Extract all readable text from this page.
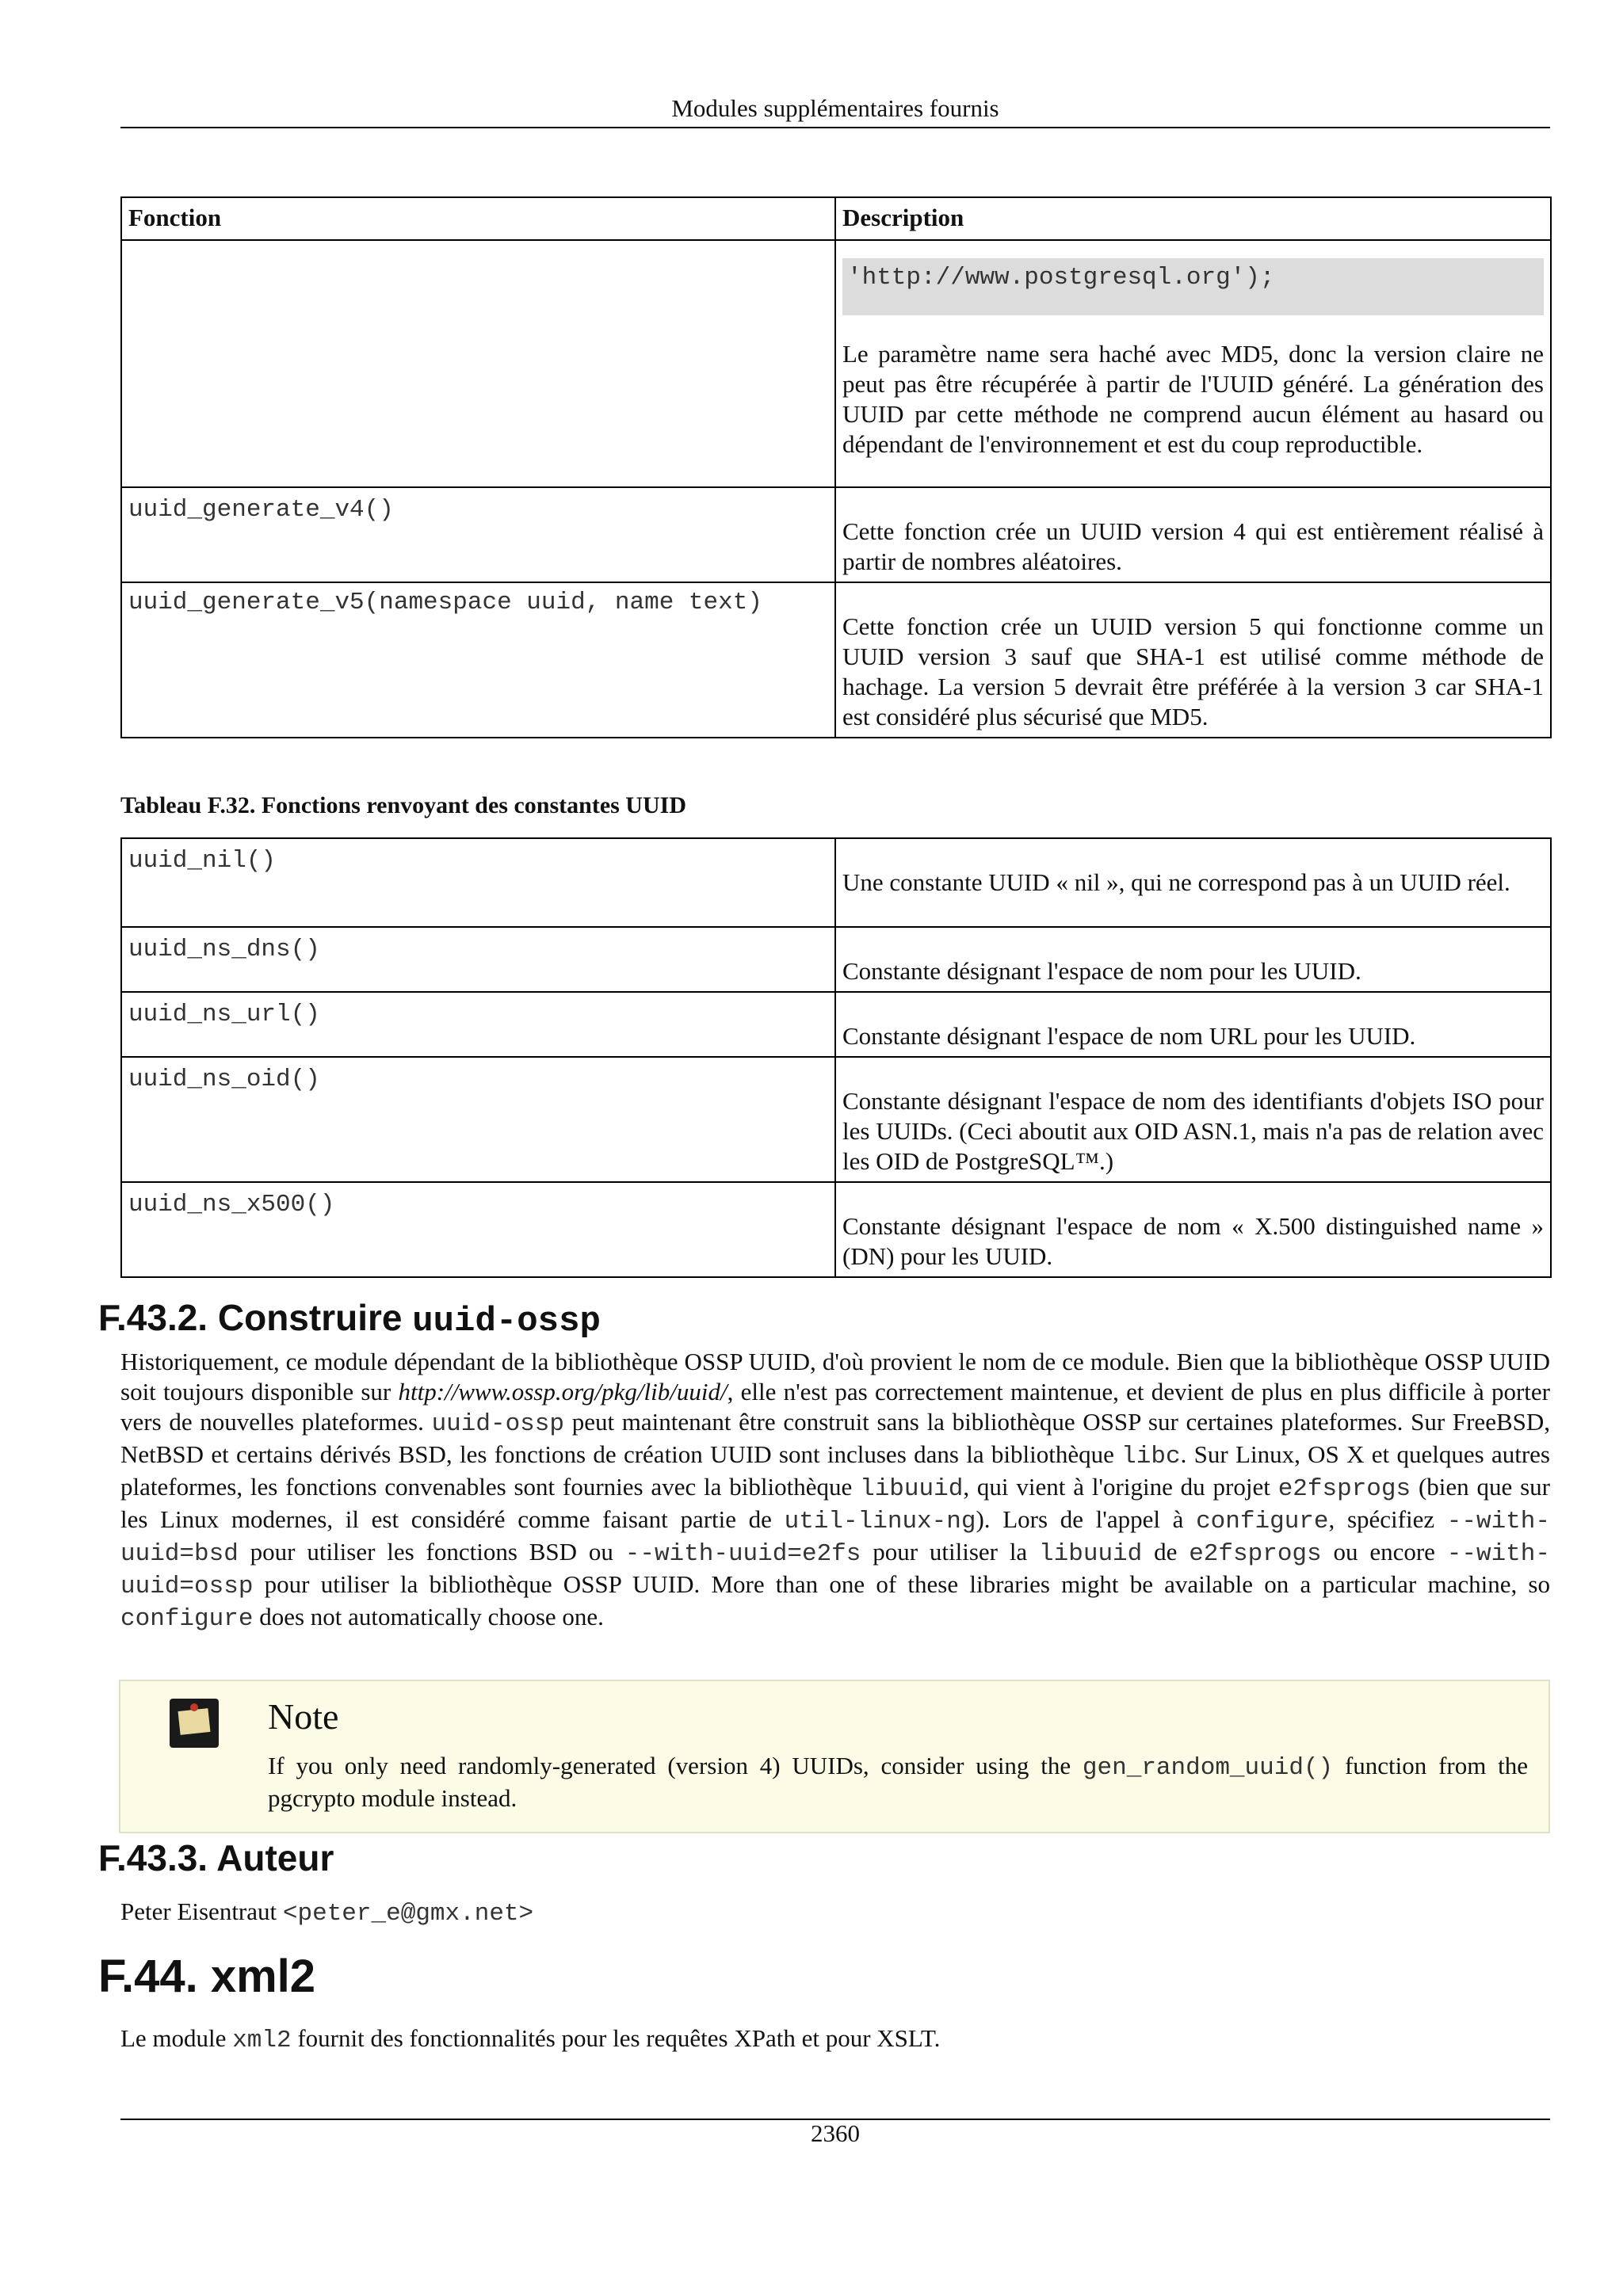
Modules supplémentaires fournis
Fonction	Description

	'http://www.postgresql.org');

Le paramètre name sera haché avec MD5, donc la version claire ne peut pas être récupérée à partir de l'UUID généré. La génération des UUID par cette méthode ne comprend aucun élément au hasard ou dépendant de l'environnement et est du coup reproductible.

uuid_generate_v4()	Cette fonction crée un UUID version 4 qui est entièrement réalisé à partir de nombres aléatoires.

uuid_generate_v5(namespace uuid, name text)	Cette fonction crée un UUID version 5 qui fonctionne comme un UUID version 3 sauf que SHA-1 est utilisé comme méthode de hachage. La version 5 devrait être préférée à la version 3 car SHA-1 est considéré plus sécurisé que MD5.

Tableau F.32. Fonctions renvoyant des constantes UUID
uuid_nil()	Une constante UUID « nil », qui ne correspond pas à un UUID réel.

uuid_ns_dns()	Constante désignant l'espace de nom pour les UUID.

uuid_ns_url()	Constante désignant l'espace de nom URL pour les UUID.

uuid_ns_oid()	Constante désignant l'espace de nom des identifiants d'objets ISO pour les UUIDs. (Ceci aboutit aux OID ASN.1, mais n'a pas de relation avec les OID de PostgreSQL™.)

uuid_ns_x500()	Constante désignant l'espace de nom « X.500 distinguished name » (DN) pour les UUID.

F.43.2. Construire uuid-ossp

Historiquement, ce module dépendant de la bibliothèque OSSP UUID, d'où provient le nom de ce module. Bien que la bibliothèque OSSP UUID soit toujours disponible sur http://www.ossp.org/pkg/lib/uuid/, elle n'est pas correctement maintenue, et devient de plus en plus difficile à porter vers de nouvelles plateformes. uuid-ossp peut maintenant être construit sans la bibliothèque OSSP sur certaines plateformes. Sur FreeBSD, NetBSD et certains dérivés BSD, les fonctions de création UUID sont incluses dans la bibliothèque libc. Sur Linux, OS X et quelques autres plateformes, les fonctions convenables sont fournies avec la bibliothèque libuuid, qui vient à l'origine du projet e2fsprogs (bien que sur les Linux modernes, il est considéré comme faisant partie de util-linux-ng). Lors de l'appel à configure, spécifiez --with-uuid=bsd pour utiliser les fonctions BSD ou --with-uuid=e2fs pour utiliser la libuuid de e2fsprogs ou encore --with-uuid=ossp pour utiliser la bibliothèque OSSP UUID. More than one of these libraries might be available on a particular machine, so configure does not automatically choose one.

Note

If you only need randomly-generated (version 4) UUIDs, consider using the gen_random_uuid() function from the pgcrypto module instead.

F.43.3. Auteur

Peter Eisentraut <peter_e@gmx.net>

F.44. xml2

Le module xml2 fournit des fonctionnalités pour les requêtes XPath et pour XSLT.

2360
